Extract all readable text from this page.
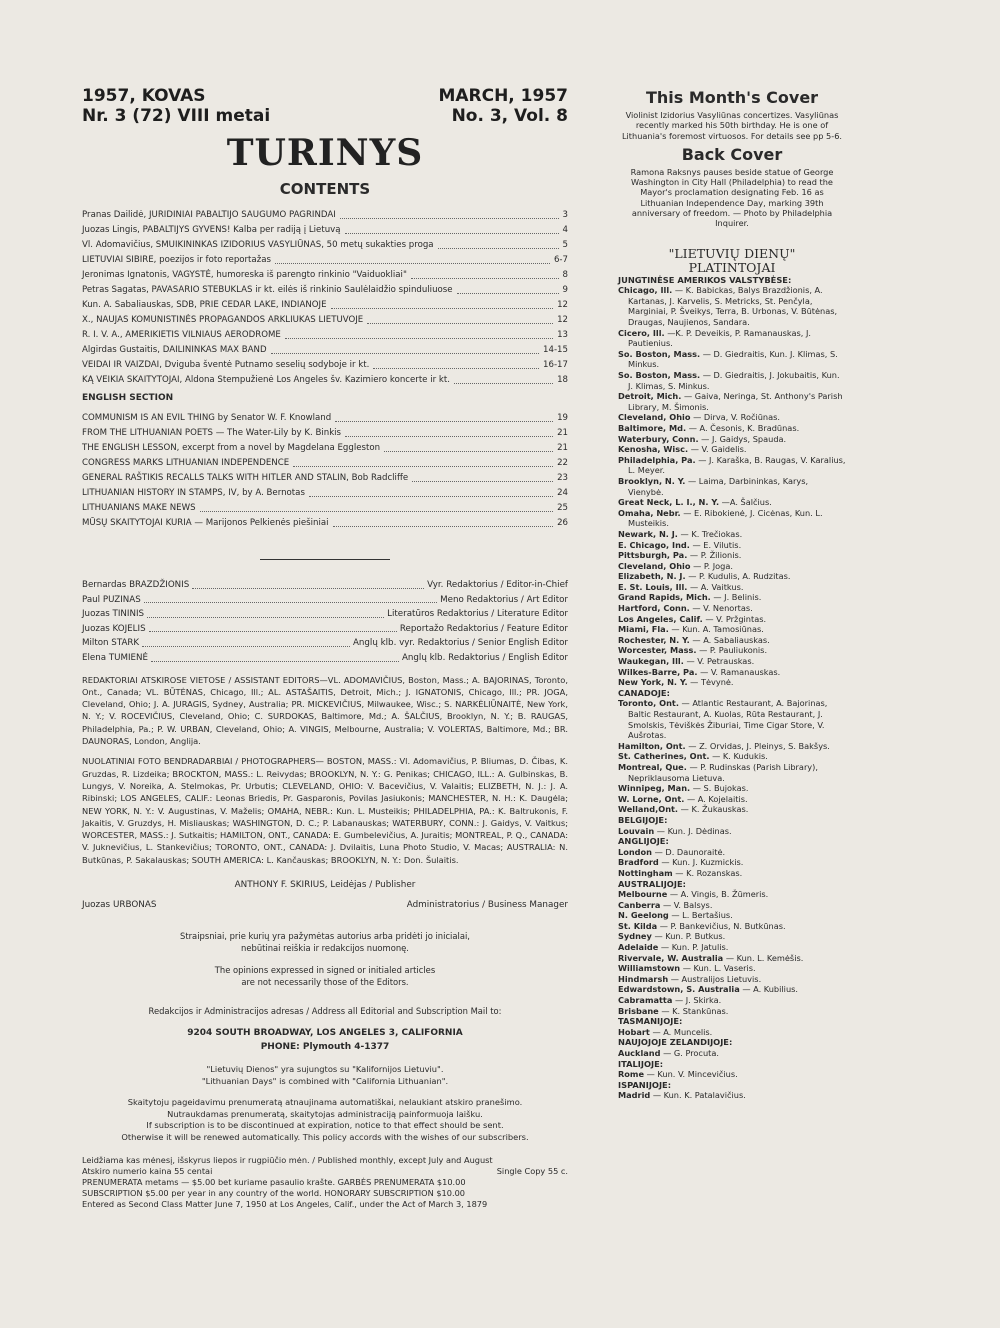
1957, KOVAS
Nr. 3 (72) VIII metai
MARCH, 1957
No. 3, Vol. 8
TURINYS
CONTENTS
Pranas Dailidė, JURIDINIAI PABALTIJO SAUGUMO PAGRINDAI	3
Juozas Lingis, PABALTIJYS GYVENS! Kalba per radiją į Lietuvą	4
Vl. Adomavičius, SMUIKININKAS IZIDORIUS VASYLIŪNAS, 50 metų sukakties proga	5
LIETUVIAI SIBIRE, poezijos ir foto reportažas	6-7
Jeronimas Ignatonis, VAGYSTĖ, humoreska iš parengto rinkinio "Vaiduokliai"	8
Petras Sagatas, PAVASARIO STEBUKLAS ir kt. eilės iš rinkinio Saulėlaidžio spinduliuose	9
Kun. A. Sabaliauskas, SDB, PRIE CEDAR LAKE, INDIANOJE	12
X., NAUJAS KOMUNISTINĖS PROPAGANDOS ARKLIUKAS LIETUVOJE	12
R. I. V. A., AMERIKIETIS VILNIAUS AERODROME	13
Algirdas Gustaitis, DAILININKAS MAX BAND	14-15
VEIDAI IR VAIZDAI, Dviguba šventė Putnamo seselių sodyboje ir kt.	16-17
KĄ VEIKIA SKAITYTOJAI, Aldona Stempužienė Los Angeles šv. Kazimiero koncerte ir kt.	18
ENGLISH SECTION
COMMUNISM IS AN EVIL THING by Senator W. F. Knowland	19
FROM THE LITHUANIAN POETS — The Water-Lily by K. Binkis	21
THE ENGLISH LESSON, excerpt from a novel by Magdelana Eggleston	21
CONGRESS MARKS LITHUANIAN INDEPENDENCE	22
GENERAL RAŠTIKIS RECALLS TALKS WITH HITLER AND STALIN, Bob Radcliffe	23
LITHUANIAN HISTORY IN STAMPS, IV, by A. Bernotas	24
LITHUANIANS MAKE NEWS	25
MŪSŲ SKAITYTOJAI KURIA — Marijonos Pelkienės piešiniai	26
Bernardas BRAZDŽIONIS	Vyr. Redaktorius / Editor-in-Chief
Paul PUZINAS	Meno Redaktorius / Art Editor
Juozas TININIS	Literatūros Redaktorius / Literature Editor
Juozas KOJELIS	Reportažo Redaktorius / Feature Editor
Milton STARK	Anglų klb. vyr. Redaktorius / Senior English Editor
Elena TUMIENĖ	Anglų klb. Redaktorius / English Editor
REDAKTORIAI ATSKIROSE VIETOSE / ASSISTANT EDITORS—VL. ADOMAVIČIUS, Boston, Mass.; A. BAJORINAS, Toronto, Ont., Canada; VL. BŪTĖNAS, Chicago, Ill.; AL. ASTAŠAITIS, Detroit, Mich.; J. IGNATONIS, Chicago, Ill.; PR. JOGA, Cleveland, Ohio; J. A. JURAGIS, Sydney, Australia; PR. MICKEVIČIUS, Milwaukee, Wisc.; S. NARKĖLIŪNAITĖ, New York, N. Y.; V. ROCEVIČIUS, Cleveland, Ohio; C. SURDOKAS, Baltimore, Md.; A. ŠALČIUS, Brooklyn, N. Y.; B. RAUGAS, Philadelphia, Pa.; P. W. URBAN, Cleveland, Ohio; A. VINGIS, Melbourne, Australia; V. VOLERTAS, Baltimore, Md.; BR. DAUNORAS, London, Anglija.
NUOLATINIAI FOTO BENDRADARBIAI / PHOTOGRAPHERS— BOSTON, MASS.: Vl. Adomavičius, P. Bliumas, D. Čibas, K. Gruzdas, R. Lizdeika; BROCKTON, MASS.: L. Reivydas; BROOKLYN, N. Y.: G. Penikas; CHICAGO, ILL.: A. Gulbinskas, B. Lungys, V. Noreika, A. Stelmokas, Pr. Urbutis; CLEVELAND, OHIO: V. Bacevičius, V. Valaitis; ELIZBETH, N. J.: J. A. Ribinski; LOS ANGELES, CALIF.: Leonas Briedis, Pr. Gasparonis, Povilas Jasiukonis; MANCHESTER, N. H.: K. Daugėla; NEW YORK, N. Y.: V. Augustinas, V. Maželis; OMAHA, NEBR.: Kun. L. Musteikis; PHILADELPHIA, PA.: K. Baltrukonis, F. Jakaitis, V. Gruzdys, H. Misliauskas; WASHINGTON, D. C.; P. Labanauskas; WATERBURY, CONN.: J. Gaidys, V. Vaitkus; WORCESTER, MASS.: J. Sutkaitis; HAMILTON, ONT., CANADA: E. Gumbelevičius, A. Juraitis; MONTREAL, P. Q., CANADA: V. Juknevičius, L. Stankevičius; TORONTO, ONT., CANADA: J. Dvilaitis, Luna Photo Studio, V. Macas; AUSTRALIA: N. Butkūnas, P. Sakalauskas; SOUTH AMERICA: L. Kančauskas; BROOKLYN, N. Y.: Don. Šulaitis.
ANTHONY F. SKIRIUS, Leidėjas / Publisher
Juozas URBONAS	Administratorius / Business Manager
Straipsniai, prie kurių yra pažymėtas autorius arba pridėti jo inicialai,
nebūtinai reiškia ir redakcijos nuomonę.
The opinions expressed in signed or initialed articles
are not necessarily those of the Editors.
Redakcijos ir Administracijos adresas / Address all Editorial and Subscription Mail to:
9204 SOUTH BROADWAY, LOS ANGELES 3, CALIFORNIA
PHONE: Plymouth 4-1377
"Lietuvių Dienos" yra sujungtos su "Kalifornijos Lietuviu".
"Lithuanian Days" is combined with "California Lithuanian".
Skaitytoju pageidavimu prenumeratą atnaujinama automatiškai, nelaukiant atskiro pranešimo.
Nutraukdamas prenumeratą, skaitytojas administraciją painformuoja laišku.
If subscription is to be discontinued at expiration, notice to that effect should be sent.
Otherwise it will be renewed automatically. This policy accords with the wishes of our subscribers.
Leidžiama kas mėnesį, išskyrus liepos ir rugpiūčio mėn. / Published monthly, except July and August
Atskiro numerio kaina 55 centai	Single Copy 55 c.
PRENUMERATA metams — $5.00 bet kuriame pasaulio krašte. GARBĖS PRENUMERATA $10.00
SUBSCRIPTION $5.00 per year in any country of the world. HONORARY SUBSCRIPTION $10.00
Entered as Second Class Matter June 7, 1950 at Los Angeles, Calif., under the Act of March 3, 1879
This Month's Cover
Violinist Izidorius Vasyliūnas concertizes. Vasyliūnas recently marked his 50th birthday. He is one of Lithuania's foremost virtuosos. For details see pp 5-6.
Back Cover
Ramona Raksnys pauses beside statue of George Washington in City Hall (Philadelphia) to read the Mayor's proclamation designating Feb. 16 as Lithuanian Independence Day, marking 39th anniversary of freedom. — Photo by Philadelphia Inquirer.
"LIETUVIŲ DIENŲ"
PLATINTOJAI
JUNGTINĖSE AMERIKOS VALSTYBĖSE:
Chicago, Ill. — K. Babickas, Balys Brazdžionis, A. Kartanas, J. Karvelis, S. Metricks, St. Penčyla, Marginiai, P. Šveikys, Terra, B. Urbonas, V. Būtėnas, Draugas, Naujienos, Sandara.
Cicero, Ill. —K. P. Deveikis, P. Ramanauskas, J. Pautienius.
So. Boston, Mass. — D. Giedraitis, Kun. J. Klimas, S. Minkus.
So. Boston, Mass. — D. Giedraitis, J. Jokubaitis, Kun. J. Klimas, S. Minkus.
Detroit, Mich. — Gaiva, Neringa, St. Anthony's Parish Library, M. Šimonis.
Cleveland, Ohio — Dirva, V. Ročiūnas.
Baltimore, Md. — A. Česonis, K. Bradūnas.
Waterbury, Conn. — J. Gaidys, Spauda.
Kenosha, Wisc. — V. Gaidelis.
Philadelphia, Pa. — J. Karaška, B. Raugas, V. Karalius, L. Meyer.
Brooklyn, N. Y. — Laima, Darbininkas, Karys, Vienybė.
Great Neck, L. I., N. Y. —A. Šalčius.
Omaha, Nebr. — E. Ribokienė, J. Cicėnas, Kun. L. Musteikis.
Newark, N. J. — K. Trečiokas.
E. Chicago, Ind. — E. Vilutis.
Pittsburgh, Pa. — P. Žilionis.
Cleveland, Ohio — P. Joga.
Elizabeth, N. J. — P. Kudulis, A. Rudzitas.
E. St. Louis, Ill. — A. Vaitkus.
Grand Rapids, Mich. — J. Belinis.
Hartford, Conn. — V. Nenortas.
Los Angeles, Calif. — V. Pržgintas.
Miami, Fla. — Kun. A. Tamosiūnas.
Rochester, N. Y. — A. Sabaliauskas.
Worcester, Mass. — P. Pauliukonis.
Waukegan, Ill. — V. Petrauskas.
Wilkes-Barre, Pa. — V. Ramanauskas.
New York, N. Y. — Tėvynė.
CANADOJE:
Toronto, Ont. — Atlantic Restaurant, A. Bajorinas, Baltic Restaurant, A. Kuolas, Rūta Restaurant, J. Smolskis, Tėviškės Žiburiai, Time Cigar Store, V. Aušrotas.
Hamilton, Ont. — Z. Orvidas, J. Pleinys, S. Bakšys.
St. Catherines, Ont. — K. Kudukis.
Montreal, Que. — P. Rudinskas (Parish Library), Nepriklausoma Lietuva.
Winnipeg, Man. — S. Bujokas.
W. Lorne, Ont. — A. Kojelaitis.
Welland,Ont. — K. Žukauskas.
BELGIJOJE:
Louvain — Kun. J. Dėdinas.
ANGLIJOJE:
London — D. Daunoraitė.
Bradford — Kun. J. Kuzmickis.
Nottingham — K. Rozanskas.
AUSTRALIJOJE:
Melbourne — A. Vingis, B. Žūmeris.
Canberra — V. Balsys.
N. Geelong — L. Bertašius.
St. Kilda — P. Bankevičius, N. Butkūnas.
Sydney — Kun. P. Butkus.
Adelaide — Kun. P. Jatulis.
Rivervale, W. Australia — Kun. L. Kemėšis.
Williamstown — Kun. L. Vaseris.
Hindmarsh — Australijos Lietuvis.
Edwardstown, S. Australia — A. Kubilius.
Cabramatta — J. Skirka.
Brisbane — K. Stankūnas.
TASMANIJOJE:
Hobart — A. Muncelis.
NAUJOJOJE ZELANDIJOJE:
Auckland — G. Procuta.
ITALIJOJE:
Rome — Kun. V. Mincevičius.
ISPANIJOJE:
Madrid — Kun. K. Patalavičius.
